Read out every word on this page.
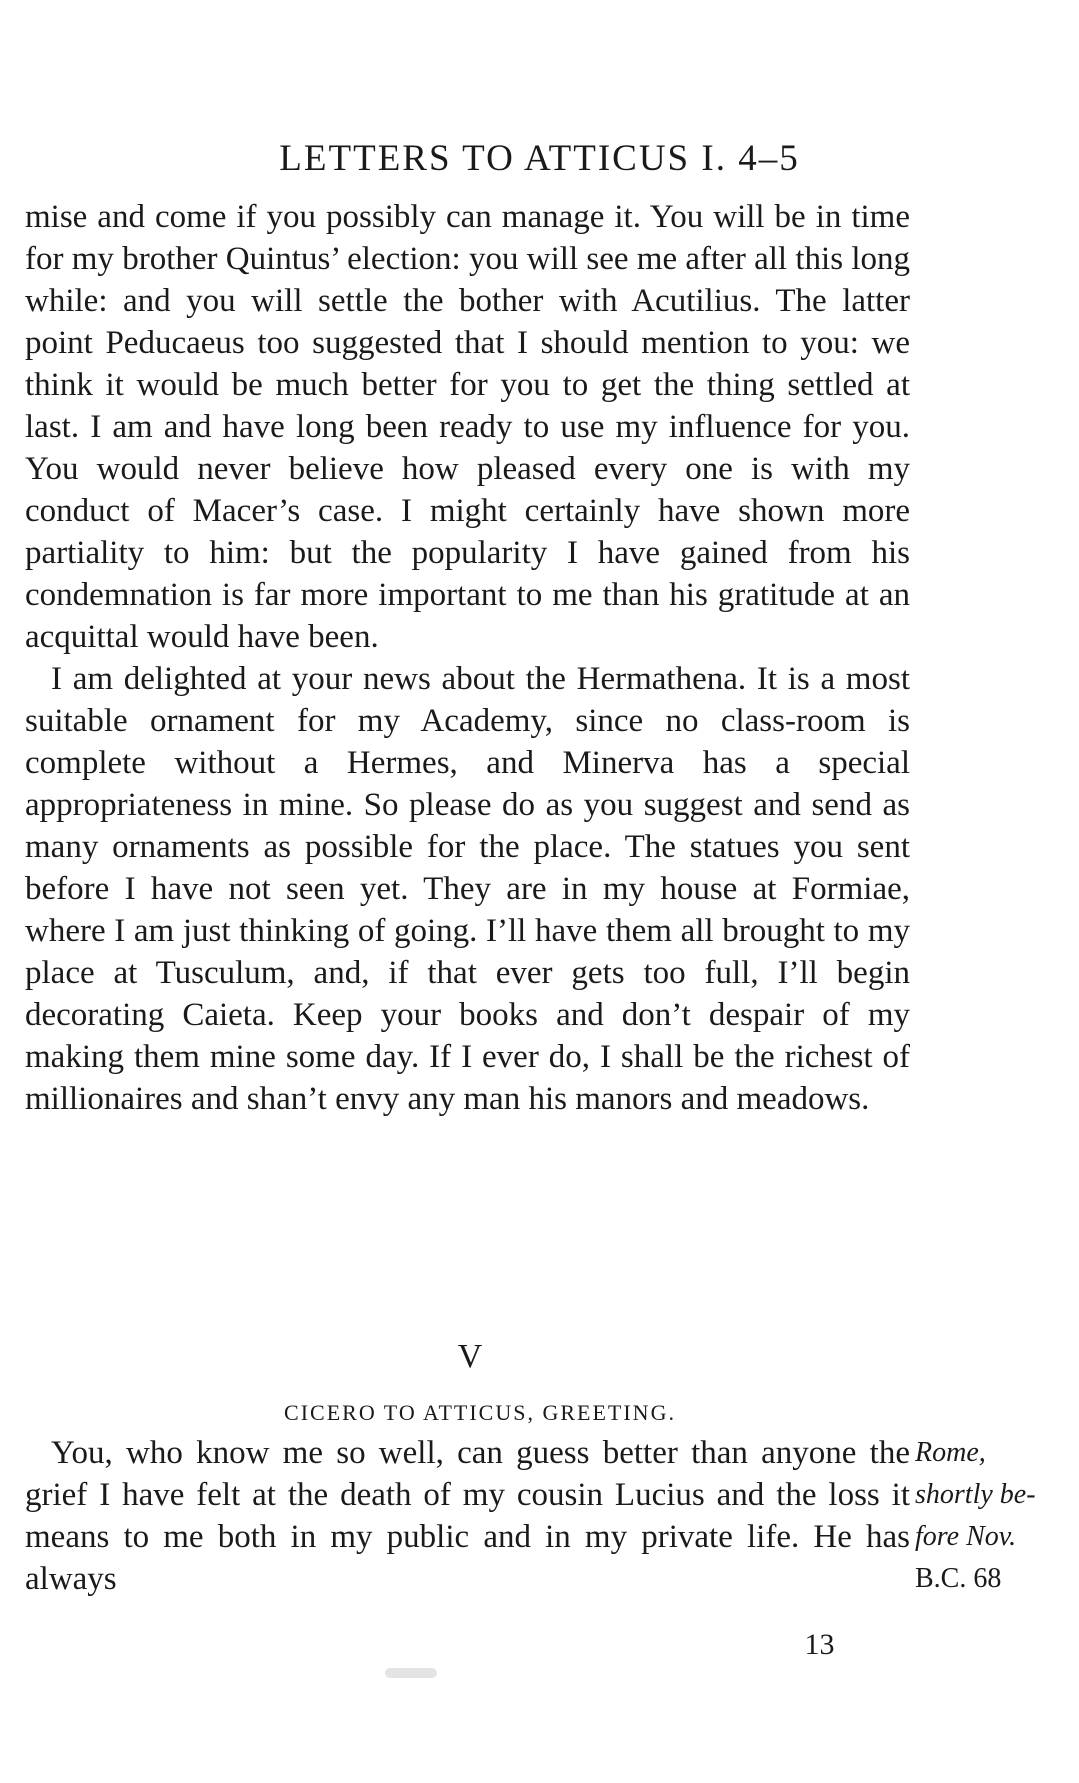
LETTERS TO ATTICUS I. 4–5

mise and come if you possibly can manage it. You will be in time for my brother Quintus’ election: you will see me after all this long while: and you will settle the bother with Acutilius. The latter point Peducaeus too suggested that I should mention to you: we think it would be much better for you to get the thing settled at last. I am and have long been ready to use my influence for you. You would never believe how pleased every one is with my conduct of Macer’s case. I might certainly have shown more partiality to him: but the popularity I have gained from his condemnation is far more important to me than his gratitude at an acquittal would have been.

I am delighted at your news about the Hermathena. It is a most suitable ornament for my Academy, since no class-room is complete without a Hermes, and Minerva has a special appropriateness in mine. So please do as you suggest and send as many ornaments as possible for the place. The statues you sent before I have not seen yet. They are in my house at Formiae, where I am just thinking of going. I’ll have them all brought to my place at Tusculum, and, if that ever gets too full, I’ll begin decorating Caieta. Keep your books and don’t despair of my making them mine some day. If I ever do, I shall be the richest of millionaires and shan’t envy any man his manors and meadows.

V
CICERO TO ATTICUS, GREETING.

You, who know me so well, can guess better than anyone the grief I have felt at the death of my cousin Lucius and the loss it means to me both in my public and in my private life. He has always

Rome,
shortly be-
fore Nov.
B.C. 68
13
